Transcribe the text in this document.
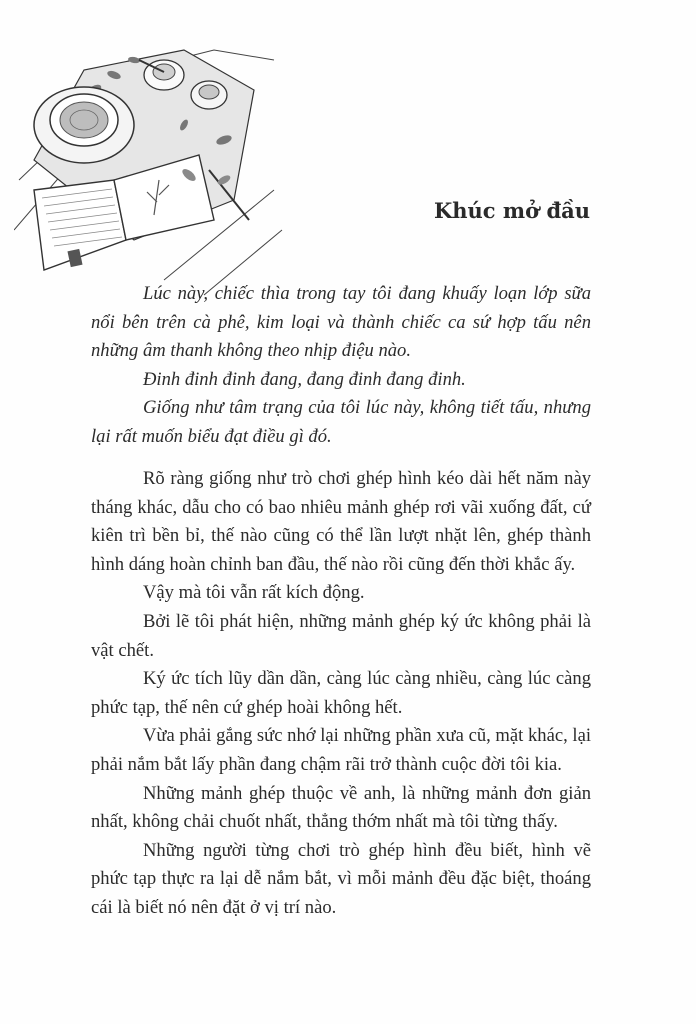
Khúc mở đầu

Lúc này, chiếc thìa trong tay tôi đang khuấy loạn lớp sữa nổi bên trên cà phê, kim loại và thành chiếc ca sứ hợp tấu nên những âm thanh không theo nhịp điệu nào.

Đinh đinh đinh đang, đang đinh đang đinh.

Giống như tâm trạng của tôi lúc này, không tiết tấu, nhưng lại rất muốn biểu đạt điều gì đó.

Rõ ràng giống như trò chơi ghép hình kéo dài hết năm này tháng khác, dẫu cho có bao nhiêu mảnh ghép rơi vãi xuống đất, cứ kiên trì bền bỉ, thế nào cũng có thể lần lượt nhặt lên, ghép thành hình dáng hoàn chỉnh ban đầu, thế nào rồi cũng đến thời khắc ấy.

Vậy mà tôi vẫn rất kích động.

Bởi lẽ tôi phát hiện, những mảnh ghép ký ức không phải là vật chết.

Ký ức tích lũy dần dần, càng lúc càng nhiều, càng lúc càng phức tạp, thế nên cứ ghép hoài không hết.

Vừa phải gắng sức nhớ lại những phần xưa cũ, mặt khác, lại phải nắm bắt lấy phần đang chậm rãi trở thành cuộc đời tôi kia.

Những mảnh ghép thuộc về anh, là những mảnh đơn giản nhất, không chải chuốt nhất, thẳng thớm nhất mà tôi từng thấy.

Những người từng chơi trò ghép hình đều biết, hình vẽ phức tạp thực ra lại dễ nắm bắt, vì mỗi mảnh đều đặc biệt, thoáng cái là biết nó nên đặt ở vị trí nào.
